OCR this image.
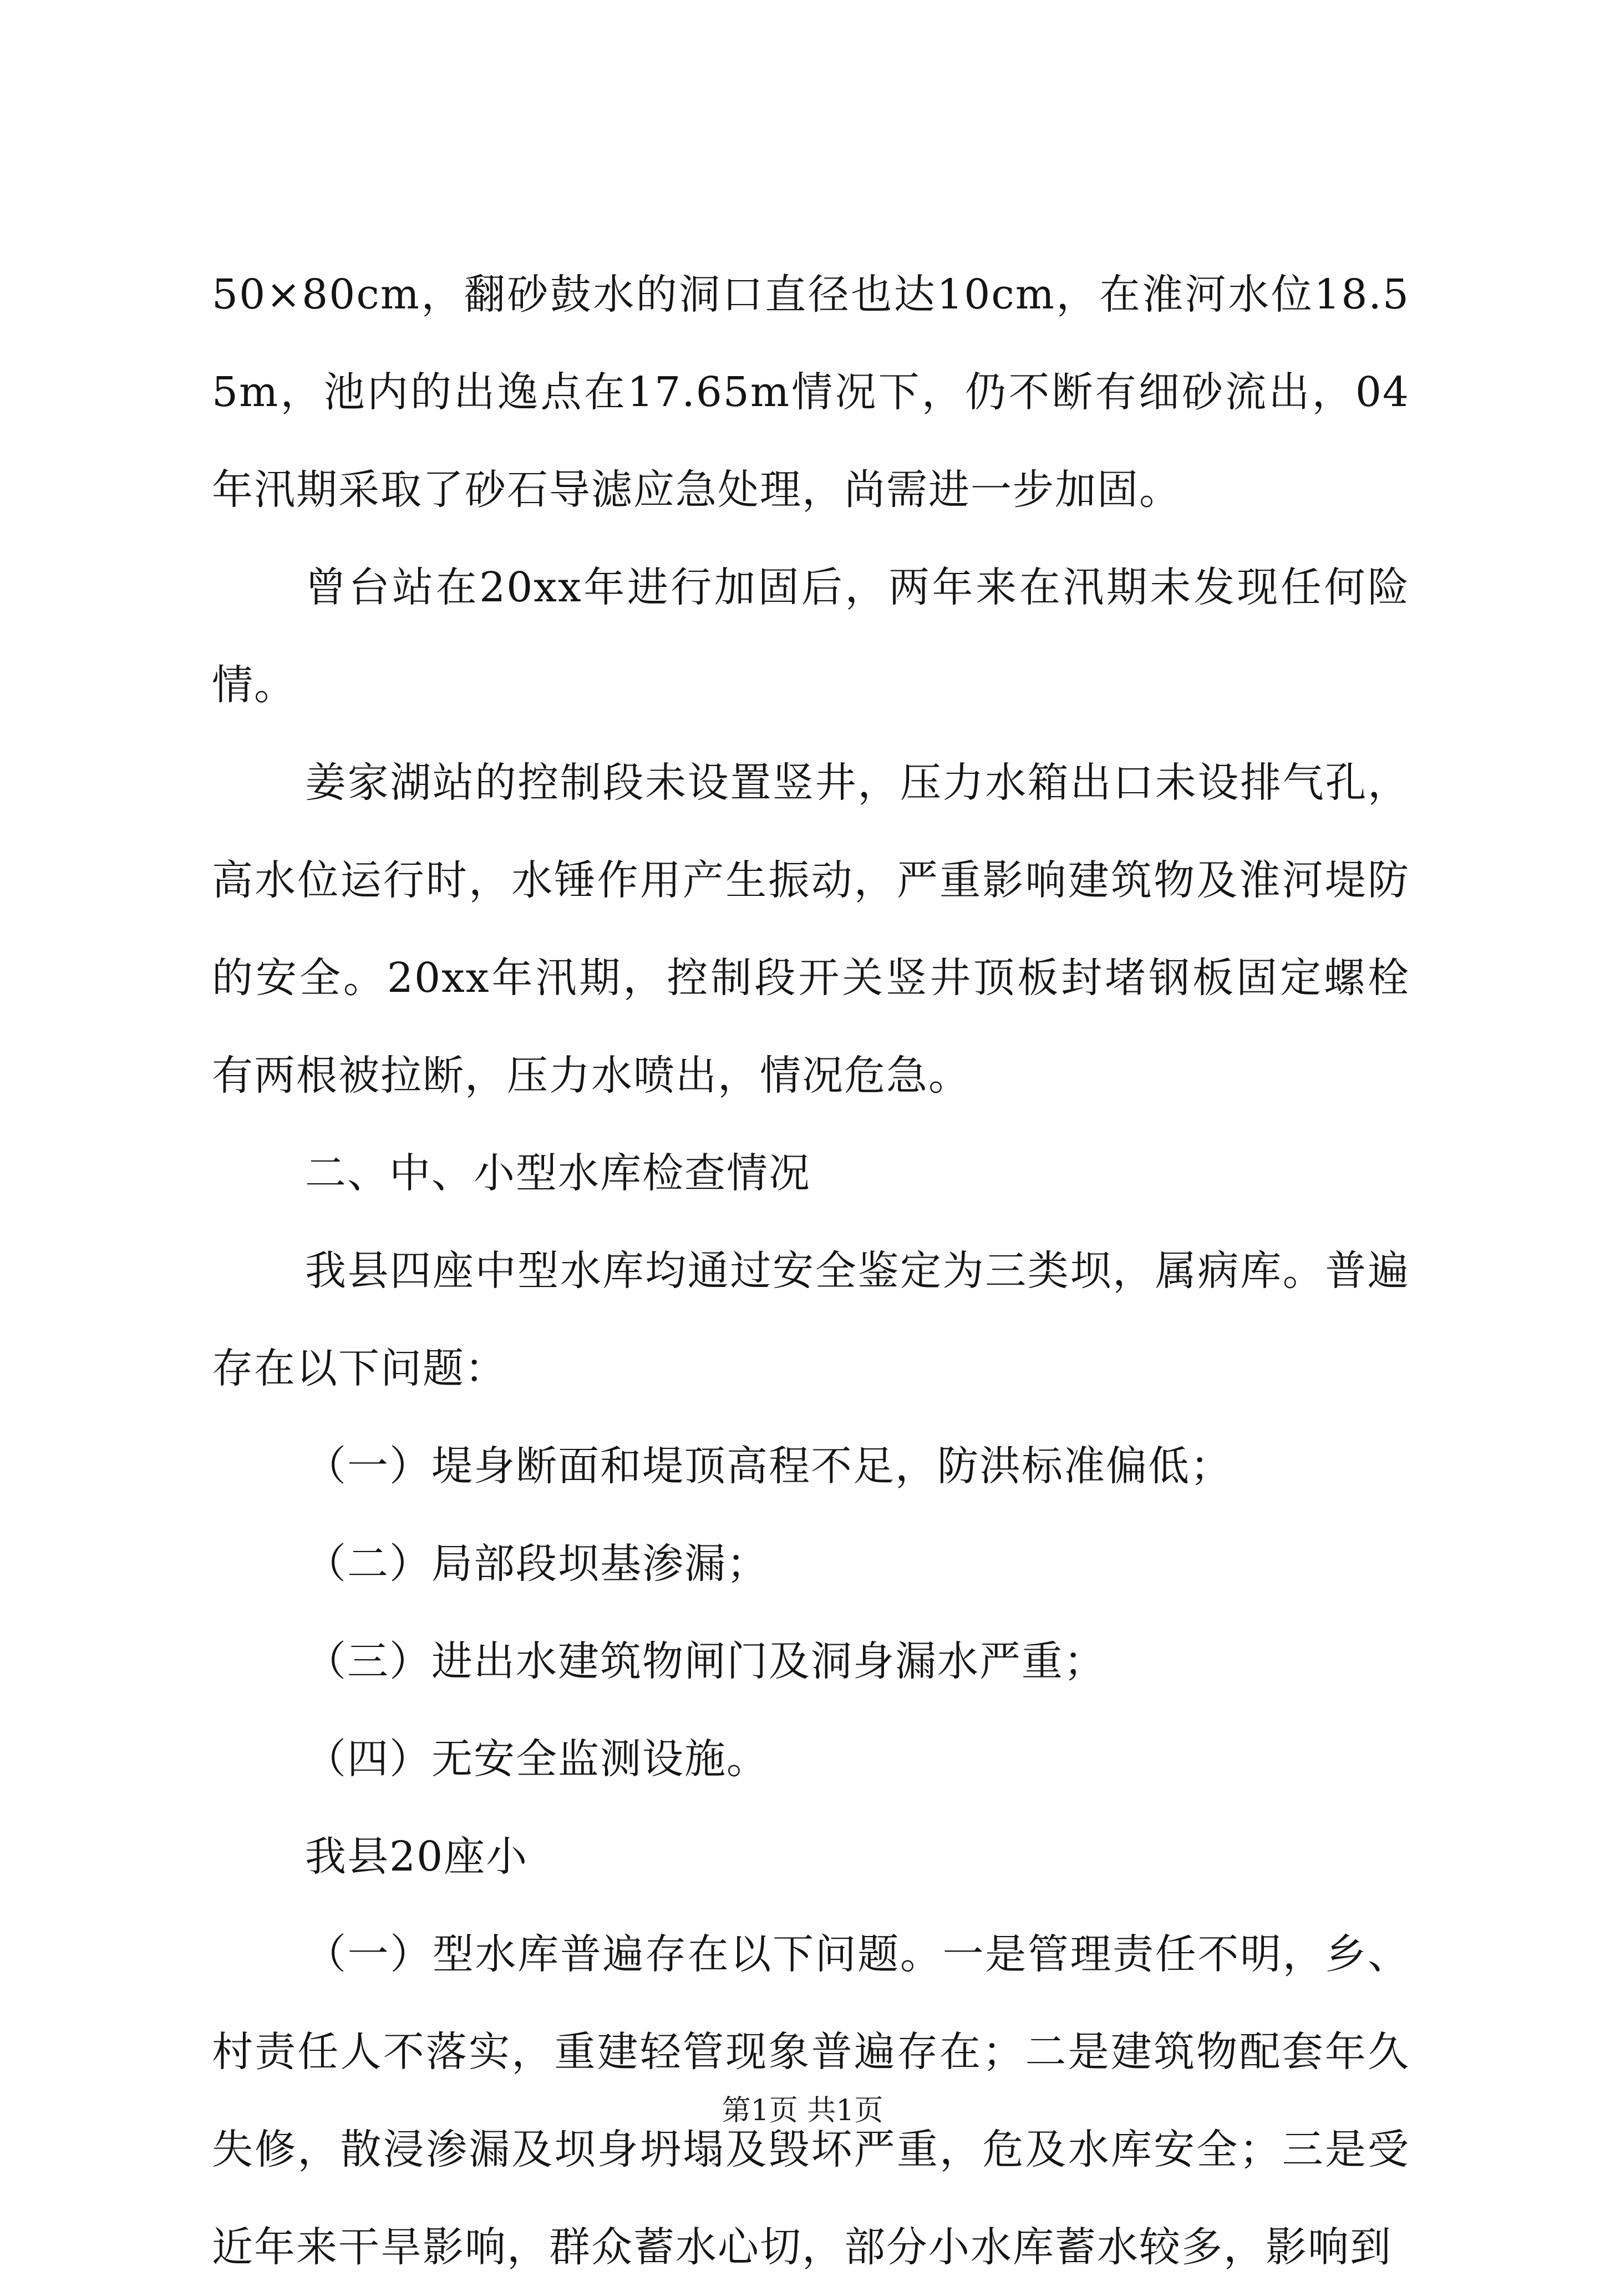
50×80cm，翻砂鼓水的洞口直径也达10cm，在淮河水位18.55m，池内的出逸点在17.65m情况下，仍不断有细砂流出，04年汛期采取了砂石导滤应急处理，尚需进一步加固。

曾台站在20xx年进行加固后，两年来在汛期未发现任何险情。

姜家湖站的控制段未设置竖井，压力水箱出口未设排气孔，高水位运行时，水锤作用产生振动，严重影响建筑物及淮河堤防的安全。20xx年汛期，控制段开关竖井顶板封堵钢板固定螺栓有两根被拉断，压力水喷出，情况危急。

二、中、小型水库检查情况

我县四座中型水库均通过安全鉴定为三类坝，属病库。普遍存在以下问题：

（一）堤身断面和堤顶高程不足，防洪标准偏低；

（二）局部段坝基渗漏；

（三）进出水建筑物闸门及洞身漏水严重；

（四）无安全监测设施。

我县20座小

（一）型水库普遍存在以下问题。一是管理责任不明，乡、村责任人不落实，重建轻管现象普遍存在；二是建筑物配套年久失修，散浸渗漏及坝身坍塌及毁坏严重，危及水库安全；三是受近年来干旱影响，群众蓄水心切，部分小水库蓄水较多，影响到

第1页 共1页
